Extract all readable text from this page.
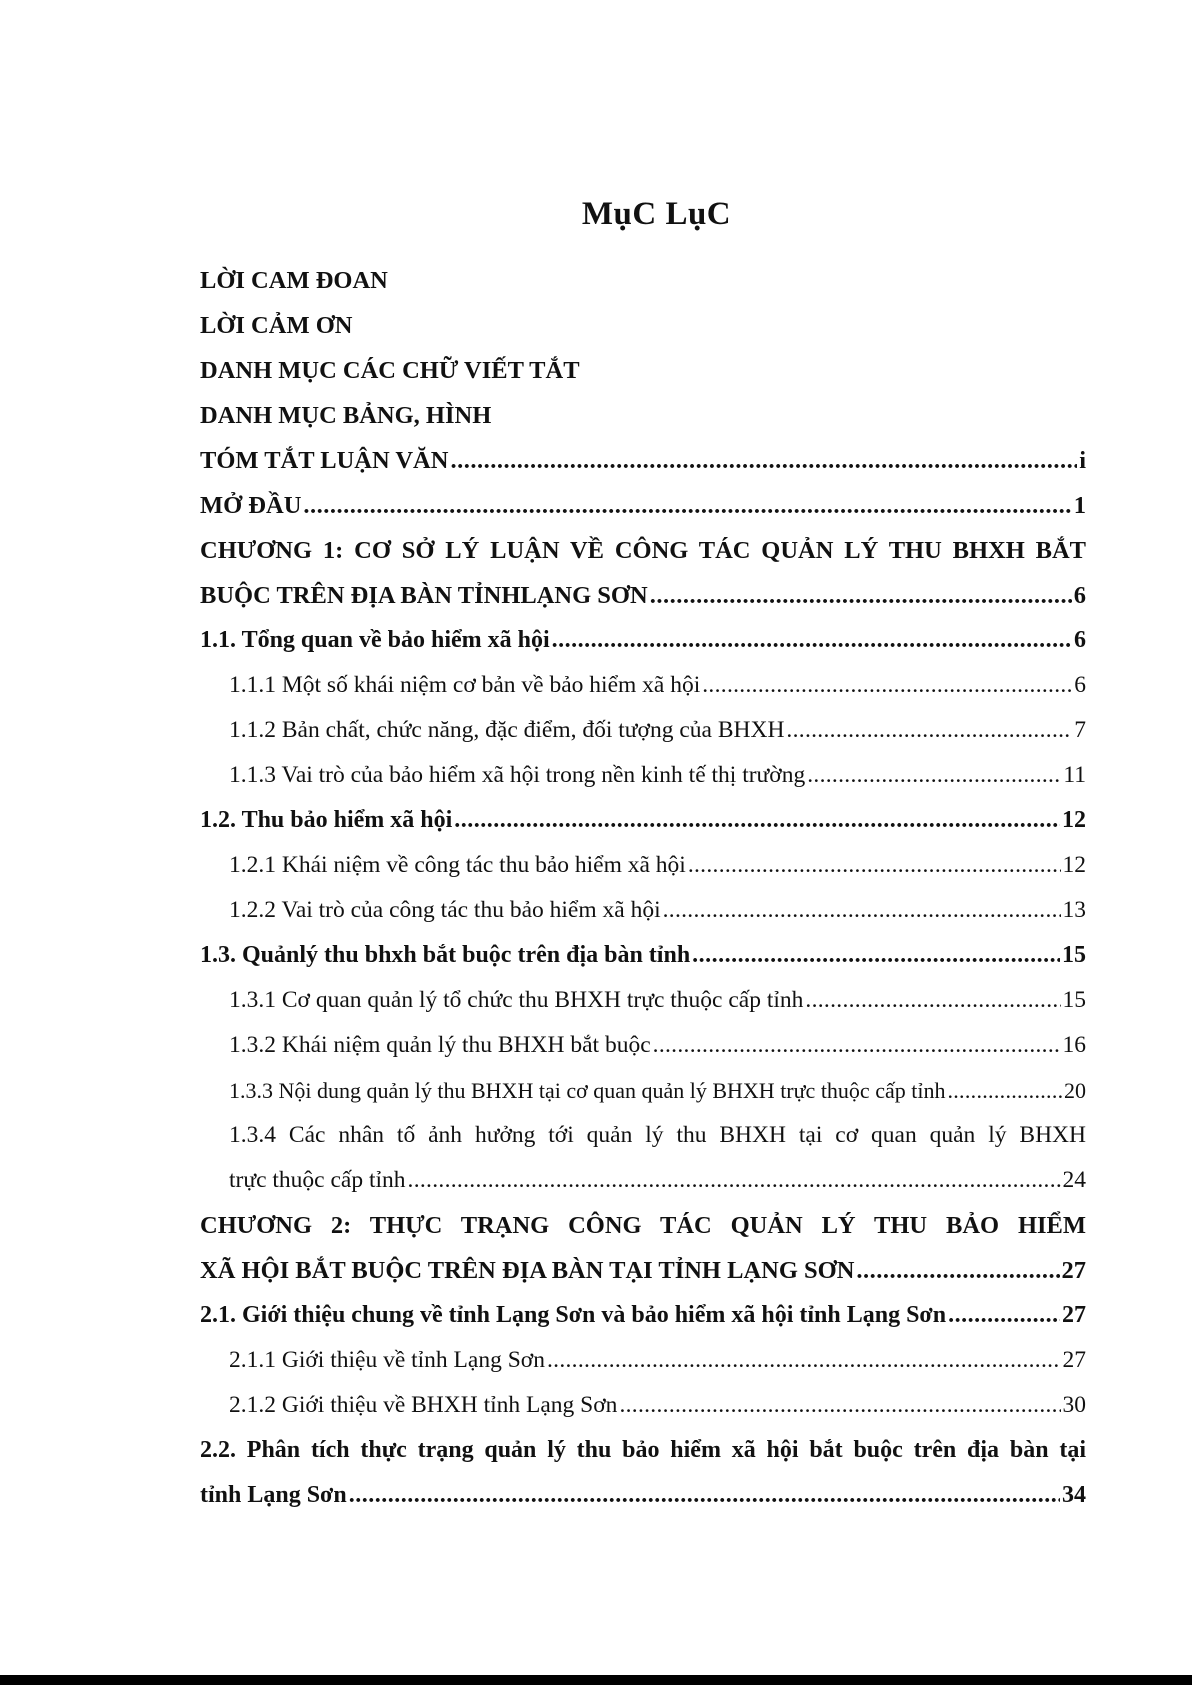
MụC LụC
LỜI CAM ĐOAN
LỜI CẢM ƠN
DANH MỤC CÁC CHỮ VIẾT TẮT
DANH MỤC BẢNG, HÌNH
TÓM TẮT LUẬN VĂN .....	i
MỞ ĐẦU .....	1
CHƯƠNG 1: CƠ SỞ LÝ LUẬN VỀ CÔNG TÁC QUẢN LÝ THU BHXH BẮT
BUỘC TRÊN ĐỊA BÀN TỈNHLẠNG SƠN .....	6
1.1. Tổng quan về bảo hiểm xã hội .....	6
1.1.1 Một số khái niệm cơ bản về bảo hiểm xã hội .....	6
1.1.2 Bản chất, chức năng, đặc điểm, đối tượng của BHXH .....	7
1.1.3 Vai trò của bảo hiểm xã hội trong nền kinh tế thị trường .....	11
1.2. Thu bảo hiểm xã hội .....	12
1.2.1 Khái niệm về công tác thu bảo hiểm xã hội .....	12
1.2.2 Vai trò của công tác thu bảo hiểm xã hội .....	13
1.3. Quảnlý thu bhxh bắt buộc trên địa bàn tỉnh .....	15
1.3.1 Cơ quan quản lý tổ chức thu BHXH trực thuộc cấp tỉnh .....	15
1.3.2 Khái niệm quản lý thu BHXH bắt buộc .....	16
1.3.3 Nội dung quản lý thu BHXH tại cơ quan quản lý BHXH trực thuộc cấp tỉnh .....	20
1.3.4 Các nhân tố ảnh hưởng tới quản lý thu BHXH tại cơ quan quản lý BHXH
trực thuộc cấp tỉnh .....	24
CHƯƠNG 2: THỰC TRẠNG CÔNG TÁC QUẢN LÝ THU BẢO HIỂM
XÃ HỘI BẮT BUỘC TRÊN ĐỊA BÀN TẠI TỈNH LẠNG SƠN .....	27
2.1. Giới thiệu chung về tỉnh Lạng Sơn và bảo hiểm xã hội tỉnh Lạng Sơn .....	27
2.1.1 Giới thiệu về tỉnh Lạng Sơn .....	27
2.1.2 Giới thiệu về BHXH tỉnh Lạng Sơn .....	30
2.2. Phân tích thực trạng quản lý thu bảo hiểm xã hội bắt buộc trên địa bàn tại
tỉnh Lạng Sơn .....	34
